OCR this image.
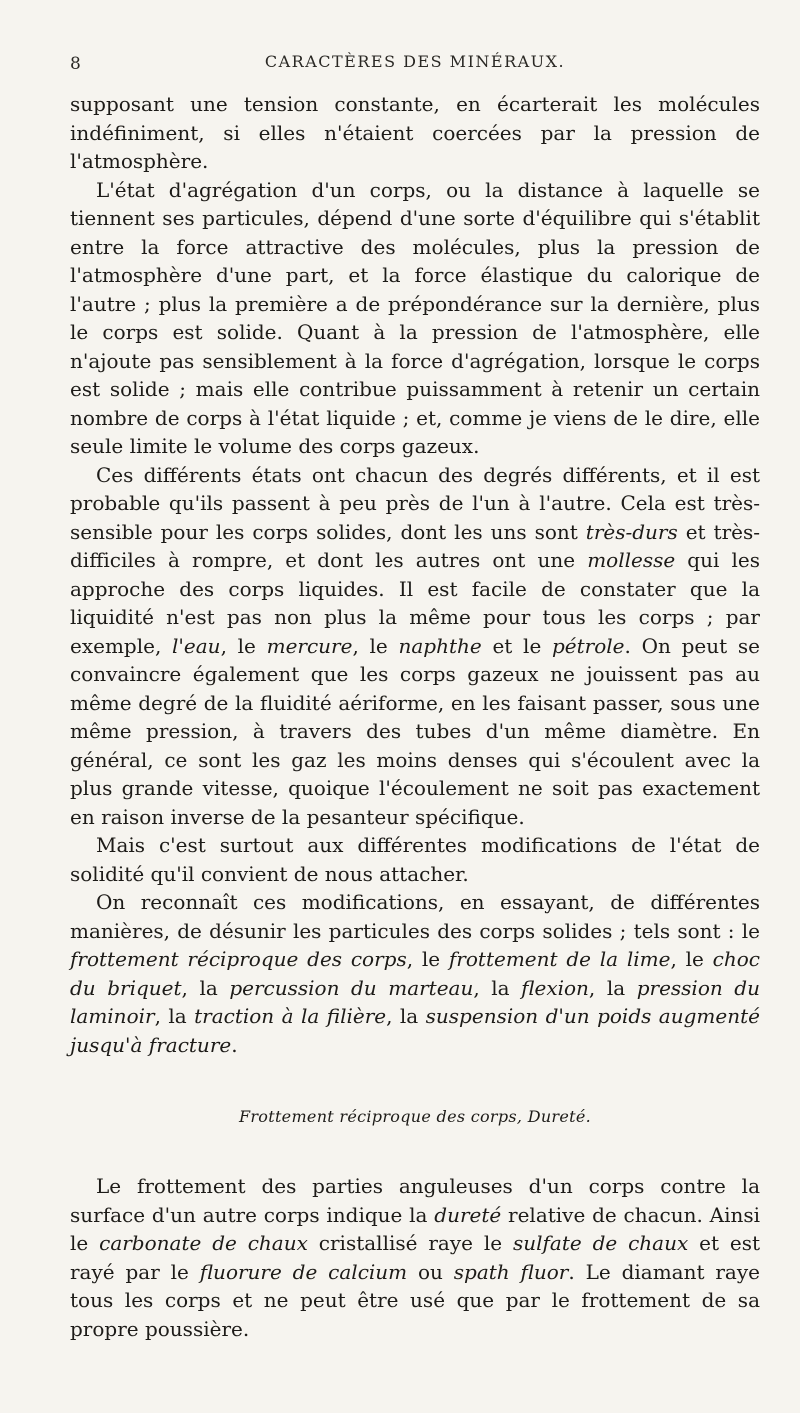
8	CARACTÈRES DES MINÉRAUX.

supposant une tension constante, en écarterait les molécules indéfiniment, si elles n'étaient coercées par la pression de l'atmosphère.

L'état d'agrégation d'un corps, ou la distance à laquelle se tiennent ses particules, dépend d'une sorte d'équilibre qui s'établit entre la force attractive des molécules, plus la pression de l'atmosphère d'une part, et la force élastique du calorique de l'autre ; plus la première a de prépondérance sur la dernière, plus le corps est solide. Quant à la pression de l'atmosphère, elle n'ajoute pas sensiblement à la force d'agrégation, lorsque le corps est solide ; mais elle contribue puissamment à retenir un certain nombre de corps à l'état liquide ; et, comme je viens de le dire, elle seule limite le volume des corps gazeux.

Ces différents états ont chacun des degrés différents, et il est probable qu'ils passent à peu près de l'un à l'autre. Cela est très-sensible pour les corps solides, dont les uns sont très-durs et très-difficiles à rompre, et dont les autres ont une mollesse qui les approche des corps liquides. Il est facile de constater que la liquidité n'est pas non plus la même pour tous les corps ; par exemple, l'eau, le mercure, le naphthe et le pétrole. On peut se convaincre également que les corps gazeux ne jouissent pas au même degré de la fluidité aériforme, en les faisant passer, sous une même pression, à travers des tubes d'un même diamètre. En général, ce sont les gaz les moins denses qui s'écoulent avec la plus grande vitesse, quoique l'écoulement ne soit pas exactement en raison inverse de la pesanteur spécifique.

Mais c'est surtout aux différentes modifications de l'état de solidité qu'il convient de nous attacher.

On reconnaît ces modifications, en essayant, de différentes manières, de désunir les particules des corps solides ; tels sont : le frottement réciproque des corps, le frottement de la lime, le choc du briquet, la percussion du marteau, la flexion, la pression du laminoir, la traction à la filière, la suspension d'un poids augmenté jusqu'à fracture.

Frottement réciproque des corps, Dureté.

Le frottement des parties anguleuses d'un corps contre la surface d'un autre corps indique la dureté relative de chacun. Ainsi le carbonate de chaux cristallisé raye le sulfate de chaux et est rayé par le fluorure de calcium ou spath fluor. Le diamant raye tous les corps et ne peut être usé que par le frottement de sa propre poussière.
